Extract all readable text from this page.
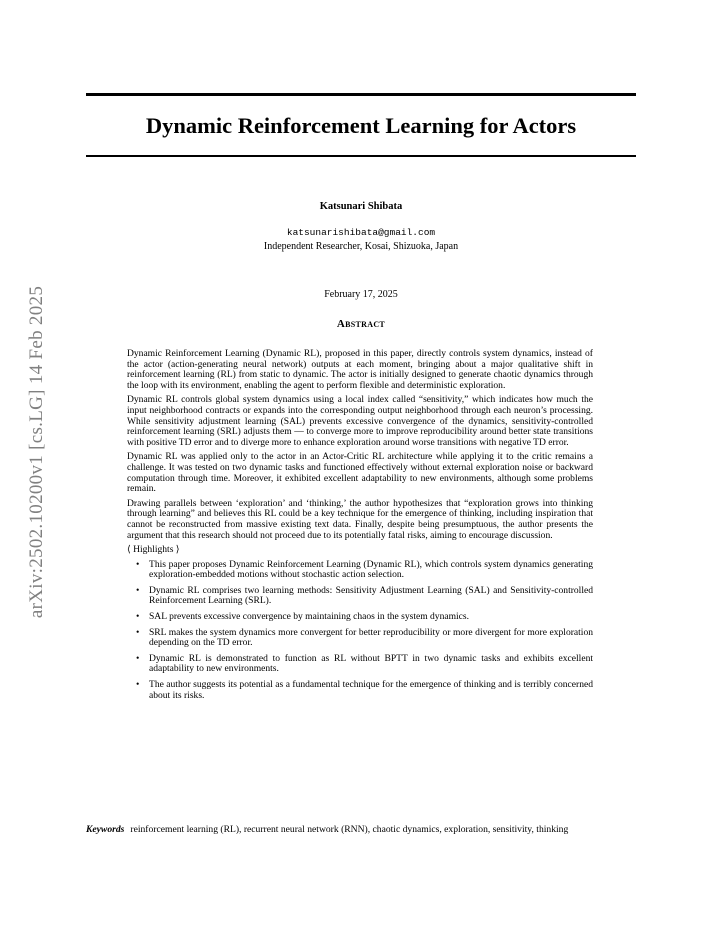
arXiv:2502.10200v1 [cs.LG] 14 Feb 2025
Dynamic Reinforcement Learning for Actors
Katsunari Shibata
katsunarishibata@gmail.com
Independent Researcher, Kosai, Shizuoka, Japan
February 17, 2025
Abstract

Dynamic Reinforcement Learning (Dynamic RL), proposed in this paper, directly controls system dynamics, instead of the actor (action-generating neural network) outputs at each moment, bringing about a major qualitative shift in reinforcement learning (RL) from static to dynamic. The actor is initially designed to generate chaotic dynamics through the loop with its environment, enabling the agent to perform flexible and deterministic exploration.

Dynamic RL controls global system dynamics using a local index called “sensitivity,” which indicates how much the input neighborhood contracts or expands into the corresponding output neighborhood through each neuron’s processing. While sensitivity adjustment learning (SAL) prevents excessive convergence of the dynamics, sensitivity-controlled reinforcement learning (SRL) adjusts them — to converge more to improve reproducibility around better state transitions with positive TD error and to diverge more to enhance exploration around worse transitions with negative TD error.

Dynamic RL was applied only to the actor in an Actor-Critic RL architecture while applying it to the critic remains a challenge. It was tested on two dynamic tasks and functioned effectively without external exploration noise or backward computation through time. Moreover, it exhibited excellent adaptability to new environments, although some problems remain.

Drawing parallels between ‘exploration’ and ‘thinking,’ the author hypothesizes that “exploration grows into thinking through learning” and believes this RL could be a key technique for the emergence of thinking, including inspiration that cannot be reconstructed from massive existing text data. Finally, despite being presumptuous, the author presents the argument that this research should not proceed due to its potentially fatal risks, aiming to encourage discussion.

⟨ Highlights ⟩

• This paper proposes Dynamic Reinforcement Learning (Dynamic RL), which controls system dynamics generating exploration-embedded motions without stochastic action selection.
• Dynamic RL comprises two learning methods: Sensitivity Adjustment Learning (SAL) and Sensitivity-controlled Reinforcement Learning (SRL).
• SAL prevents excessive convergence by maintaining chaos in the system dynamics.
• SRL makes the system dynamics more convergent for better reproducibility or more divergent for more exploration depending on the TD error.
• Dynamic RL is demonstrated to function as RL without BPTT in two dynamic tasks and exhibits excellent adaptability to new environments.
• The author suggests its potential as a fundamental technique for the emergence of thinking and is terribly concerned about its risks.
Keywords reinforcement learning (RL), recurrent neural network (RNN), chaotic dynamics, exploration, sensitivity, thinking
